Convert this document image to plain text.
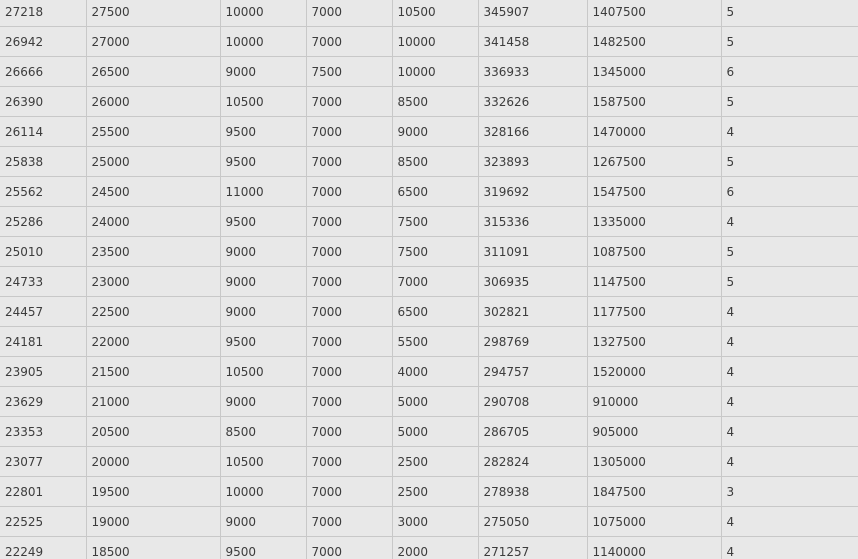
27218	27500	10000	7000	10500	345907	1407500	5
26942	27000	10000	7000	10000	341458	1482500	5
26666	26500	9000	7500	10000	336933	1345000	6
26390	26000	10500	7000	8500	332626	1587500	5
26114	25500	9500	7000	9000	328166	1470000	4
25838	25000	9500	7000	8500	323893	1267500	5
25562	24500	11000	7000	6500	319692	1547500	6
25286	24000	9500	7000	7500	315336	1335000	4
25010	23500	9000	7000	7500	311091	1087500	5
24733	23000	9000	7000	7000	306935	1147500	5
24457	22500	9000	7000	6500	302821	1177500	4
24181	22000	9500	7000	5500	298769	1327500	4
23905	21500	10500	7000	4000	294757	1520000	4
23629	21000	9000	7000	5000	290708	910000	4
23353	20500	8500	7000	5000	286705	905000	4
23077	20000	10500	7000	2500	282824	1305000	4
22801	19500	10000	7000	2500	278938	1847500	3
22525	19000	9000	7000	3000	275050	1075000	4
22249	18500	9500	7000	2000	271257	1140000	4
